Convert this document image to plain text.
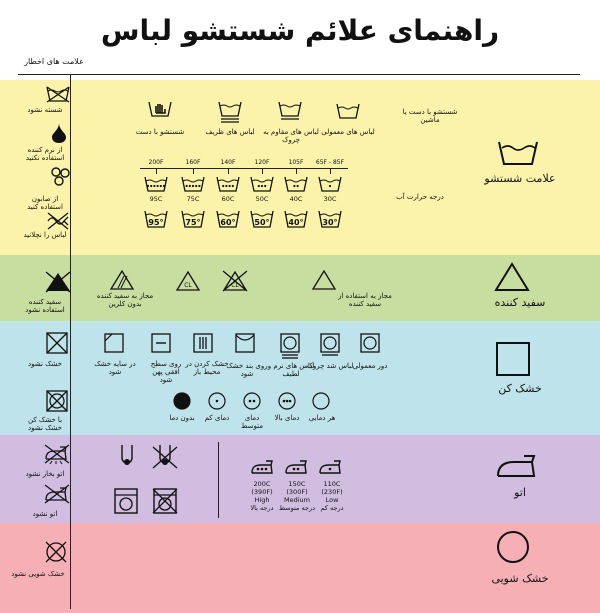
راهنمای علائم شستشو لباس
علامت های اخطار
علامت شستشو
شسته نشود
از نرم کننده استفاده نکنید
از صابون استفاده کنید
لباس را نچلانید
شستشو با دست یا ماشین
لباس های معمولی
لباس های مقاوم به چروک
لباس های ظریف
شستشو با دست
درجه حرارت آب
65F - 85F
30C
30°
105F
40C
40°
120F
50C
50°
140F
60C
60°
160F
75C
75°
200F
95C
95°
سفید کننده
سفید کننده استفاده نشود
مجاز به استفاده از سفید کننده
CL
CL
مجاز به سفید کننده بدون کلرین
خشک کن
خشک نشود
با خشک کن خشک نشود
دور معمولی
لباس شد چروک
لباس های نرم و لطیف
روی بند خشک شود
خشک کردن در محیط باز
روی سطح افقی پهن شود
در سایه خشک شود
هر دمایی
دمای بالا
دمای متوسط
دمای کم
بدون دما
اتو
اتو بخار نشود
اتو نشود
110C
(230F)
Low
درجه کم
150C
(300F)
Medium
درجه متوسط
200C
(390F)
High
درجه بالا
خشک شویی
خشک شویی نشود
